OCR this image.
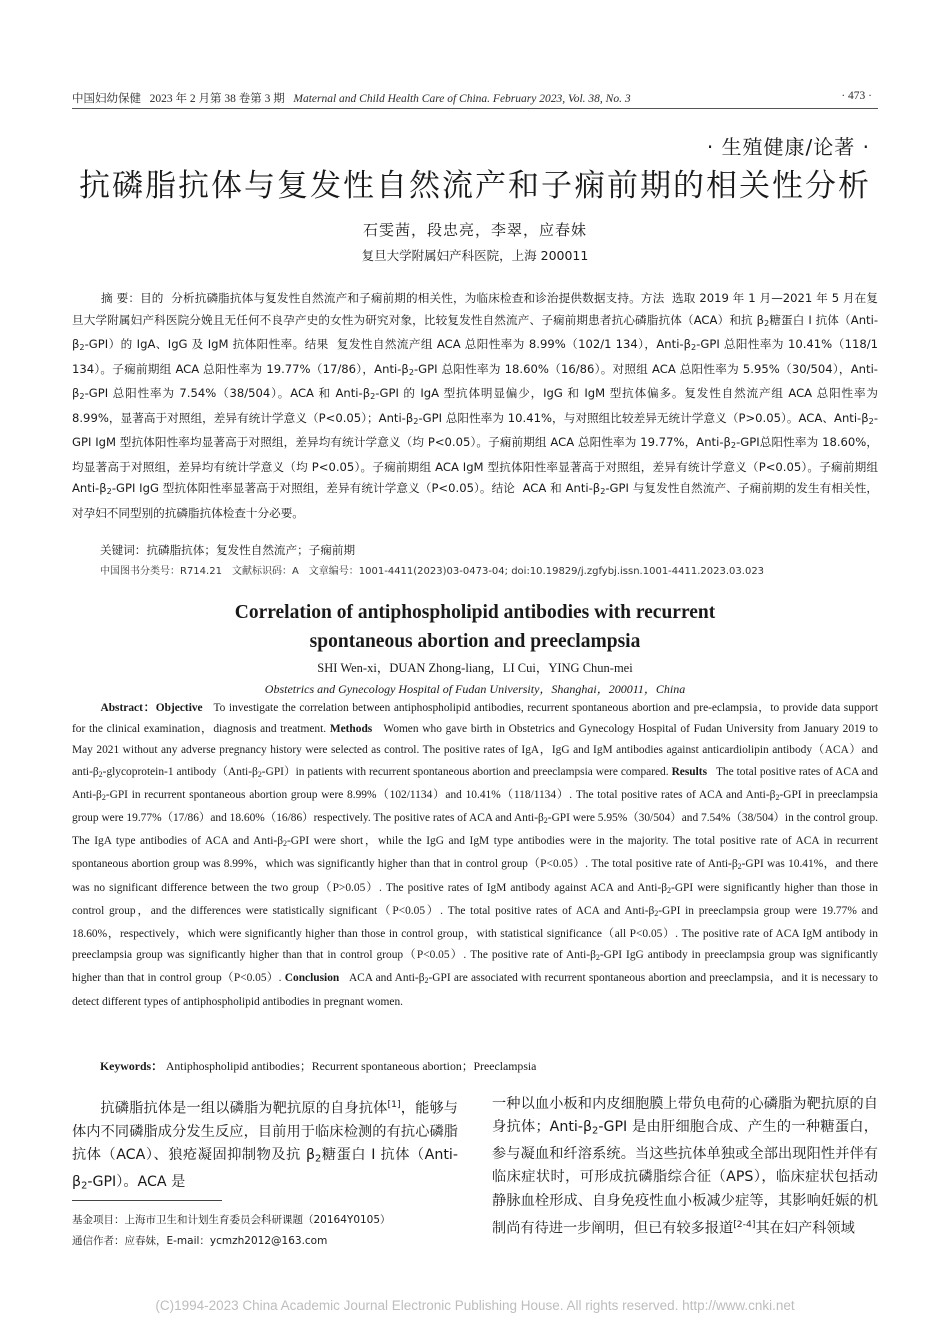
中国妇幼保健 2023 年 2 月第 38 卷第 3 期 Maternal and Child Health Care of China. February 2023, Vol. 38, No. 3	· 473 ·
· 生殖健康/论著 ·
抗磷脂抗体与复发性自然流产和子痫前期的相关性分析
石雯茜，段忠亮，李翠，应春妹
复旦大学附属妇产科医院，上海 200011
摘 要：目的 分析抗磷脂抗体与复发性自然流产和子痫前期的相关性，为临床检查和诊治提供数据支持。方法 选取 2019 年 1 月—2021 年 5 月在复旦大学附属妇产科医院分娩且无任何不良孕产史的女性为研究对象，比较复发性自然流产、子痫前期患者抗心磷脂抗体（ACA）和抗 $\beta_2$糖蛋白 I 抗体$(Anti-\beta_2-GPI)$的 IgA、IgG 及 IgM 抗体阳性率。结果 复发性自然流产组 ACA 总阳性率为 8.99%（102/1 134），Anti-$\beta_2$-GPI 总阳性率为 10.41%（118/1 134）。子痫前期组 ACA 总阳性率为 19.77%（17/86），Anti-$\beta_2$-GPI 总阳性率为 18.60%（16/86）。对照组 ACA 总阳性率为 5.95%（30/504），Anti-$\beta_2$-GPI 总阳性率为 7.54%（38/504）。ACA 和 Anti-$\beta_2$-GPI 的 IgA 型抗体明显偏少，IgG 和 IgM 型抗体偏多。复发性自然流产组 ACA 总阳性率为 8.99%，显著高于对照组，差异有统计学意义（P<0.05）；Anti-$\beta_2$-GPI 总阳性率为 10.41%，与对照组比较差异无统计学意义（P>0.05）。ACA、Anti-$\beta_2$-GPI IgM 型抗体阳性率均显著高于对照组，差异均有统计学意义（均 P<0.05）。子痫前期组 ACA 总阳性率为 19.77%，Anti-$\beta_2$-GPI总阳性率为 18.60%，均显著高于对照组，差异均有统计学意义（均 P<0.05）。子痫前期组 ACA IgM 型抗体阳性率显著高于对照组，差异有统计学意义（P<0.05）。子痫前期组 Anti-$\beta_2$-GPI IgG 型抗体阳性率显著高于对照组，差异有统计学意义（P<0.05）。结论 ACA 和 Anti-$\beta_2$-GPI 与复发性自然流产、子痫前期的发生有相关性，对孕妇不同型别的抗磷脂抗体检查十分必要。
关键词：抗磷脂抗体；复发性自然流产；子痫前期
中国图书分类号：R714.21　文献标识码：A　文章编号：1001-4411(2023)03-0473-04; doi:10.19829/j.zgfybj.issn.1001-4411.2023.03.023
Correlation of antiphospholipid antibodies with recurrent
spontaneous abortion and preeclampsia
SHI Wen-xi，DUAN Zhong-liang，LI Cui，YING Chun-mei
Obstetrics and Gynecology Hospital of Fudan University，Shanghai，200011，China
Abstract：Objective To investigate the correlation between antiphospholipid antibodies, recurrent spontaneous abortion and pre-eclampsia，to provide data support for the clinical examination，diagnosis and treatment. Methods Women who gave birth in Obstetrics and Gynecology Hospital of Fudan University from January 2019 to May 2021 without any adverse pregnancy history were selected as control. The positive rates of IgA，IgG and IgM antibodies against anticardiolipin antibody（ACA）and anti-$\beta_2-glycoprotein-1$ $antibody(Anti-\beta_2-GPI)in$ patients with recurrent spontaneous abortion and preeclampsia were compared. Results The total positive rates of ACA and Anti-$\beta_2$-GPI in recurrent spontaneous abortion group were 8.99%（102/1134）and 10.41%（118/1134）. The total positive rates of ACA and Anti-$\beta_2$-GPI in preeclampsia group were 19.77%（17/86）and 18.60%（16/86）respectively. The positive rates of ACA and Anti-$\beta_2$-GPI were 5.95%（30/504）and 7.54%（38/504）in the control group. The IgA type antibodies of ACA and Anti-$\beta_2$-GPI were short，while the IgG and IgM type antibodies were in the majority. The total positive rate of ACA in recurrent spontaneous abortion group was 8.99%，which was significantly higher than that in control group（P<0.05）. The total positive rate of Anti-$\beta_2$-GPI was 10.41%，and there was no significant difference between the two group（P>0.05）. The positive rates of IgM antibody against ACA and Anti-$\beta_2$-GPI were significantly higher than those in control group，and the differences were statistically significant（P<0.05）. The total positive rates of ACA and Anti-$\beta_2$-GPI in preeclampsia group were 19.77% and 18.60%，respectively，which were significantly higher than those in control group，with statistical significance（all P<0.05）. The positive rate of ACA IgM antibody in preeclampsia group was significantly higher than that in control group（P<0.05）. The positive rate of Anti-$\beta_2$-GPI IgG antibody in preeclampsia group was significantly higher than that in control group（P<0.05）. Conclusion ACA and Anti-$\beta_2$-GPI are associated with recurrent spontaneous abortion and preeclampsia，and it is necessary to detect different types of antiphospholipid antibodies in pregnant women.
Keywords： Antiphospholipid antibodies；Recurrent spontaneous abortion；Preeclampsia
抗磷脂抗体是一组以磷脂为靶抗原的自身抗体[1]，能够与体内不同磷脂成分发生反应，目前用于临床检测的有抗心磷脂抗体（ACA）、狼疮凝固抑制物及抗 $\beta_2$糖蛋白 I 抗体$(Anti-\beta_2-GPI)$。ACA 是
一种以血小板和内皮细胞膜上带负电荷的心磷脂为靶抗原的自身抗体；Anti-$\beta_2$-GPI 是由肝细胞合成、产生的一种糖蛋白，参与凝血和纤溶系统。当这些抗体单独或全部出现阳性并伴有临床症状时，可形成抗磷脂综合征（APS），临床症状包括动静脉血栓形成、自身免疫性血小板减少症等，其影响妊娠的机制尚有待进一步阐明，但已有较多报道[2-4]其在妇产科领域
基金项目：上海市卫生和计划生育委员会科研课题（20164Y0105）
通信作者：应春妹，E-mail：ycmzh2012@163.com
(C)1994-2023 China Academic Journal Electronic Publishing House. All rights reserved. http://www.cnki.net
